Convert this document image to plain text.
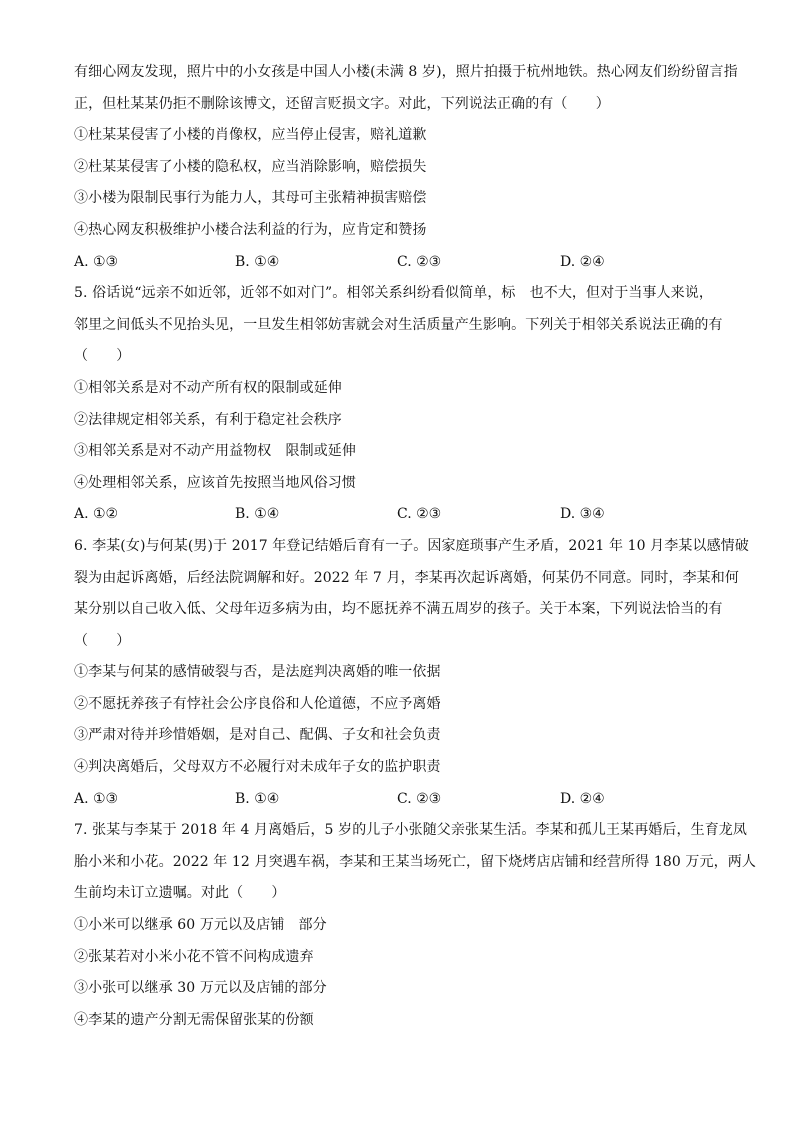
有细心网友发现，照片中的小女孩是中国人小楼(未满 8 岁)，照片拍摄于杭州地铁。热心网友们纷纷留言指
正，但杜某某仍拒不删除该博文，还留言贬损文字。对此，下列说法正确的有（　　）
①杜某某侵害了小楼的肖像权，应当停止侵害，赔礼道歉
②杜某某侵害了小楼的隐私权，应当消除影响，赔偿损失
③小楼为限制民事行为能力人，其母可主张精神损害赔偿
④热心网友积极维护小楼合法利益的行为，应肯定和赞扬
A. ①③	B. ①④	C. ②③	D. ②④
5. 俗话说“远亲不如近邻，近邻不如对门”。相邻关系纠纷看似简单，标　也不大，但对于当事人来说，
邻里之间低头不见抬头见，一旦发生相邻妨害就会对生活质量产生影响。下列关于相邻关系说法正确的有
（　　）
①相邻关系是对不动产所有权的限制或延伸
②法律规定相邻关系，有利于稳定社会秩序
③相邻关系是对不动产用益物权　限制或延伸
④处理相邻关系，应该首先按照当地风俗习惯
A. ①②	B. ①④	C. ②③	D. ③④
6. 李某(女)与何某(男)于 2017 年登记结婚后育有一子。因家庭琐事产生矛盾，2021 年 10 月李某以感情破
裂为由起诉离婚，后经法院调解和好。2022 年 7 月，李某再次起诉离婚，何某仍不同意。同时，李某和何
某分别以自己收入低、父母年迈多病为由，均不愿抚养不满五周岁的孩子。关于本案，下列说法恰当的有
（　　）
①李某与何某的感情破裂与否，是法庭判决离婚的唯一依据
②不愿抚养孩子有悖社会公序良俗和人伦道德，不应予离婚
③严肃对待并珍惜婚姻，是对自己、配偶、子女和社会负责
④判决离婚后，父母双方不必履行对未成年子女的监护职责
A. ①③	B. ①④	C. ②③	D. ②④
7. 张某与李某于 2018 年 4 月离婚后，5 岁的儿子小张随父亲张某生活。李某和孤儿王某再婚后，生育龙凤
胎小米和小花。2022 年 12 月突遇车祸，李某和王某当场死亡，留下烧烤店店铺和经营所得 180 万元，两人
生前均未订立遗嘱。对此（　　）
①小米可以继承 60 万元以及店铺　部分
②张某若对小米小花不管不问构成遗弃
③小张可以继承 30 万元以及店铺的部分
④李某的遗产分割无需保留张某的份额
